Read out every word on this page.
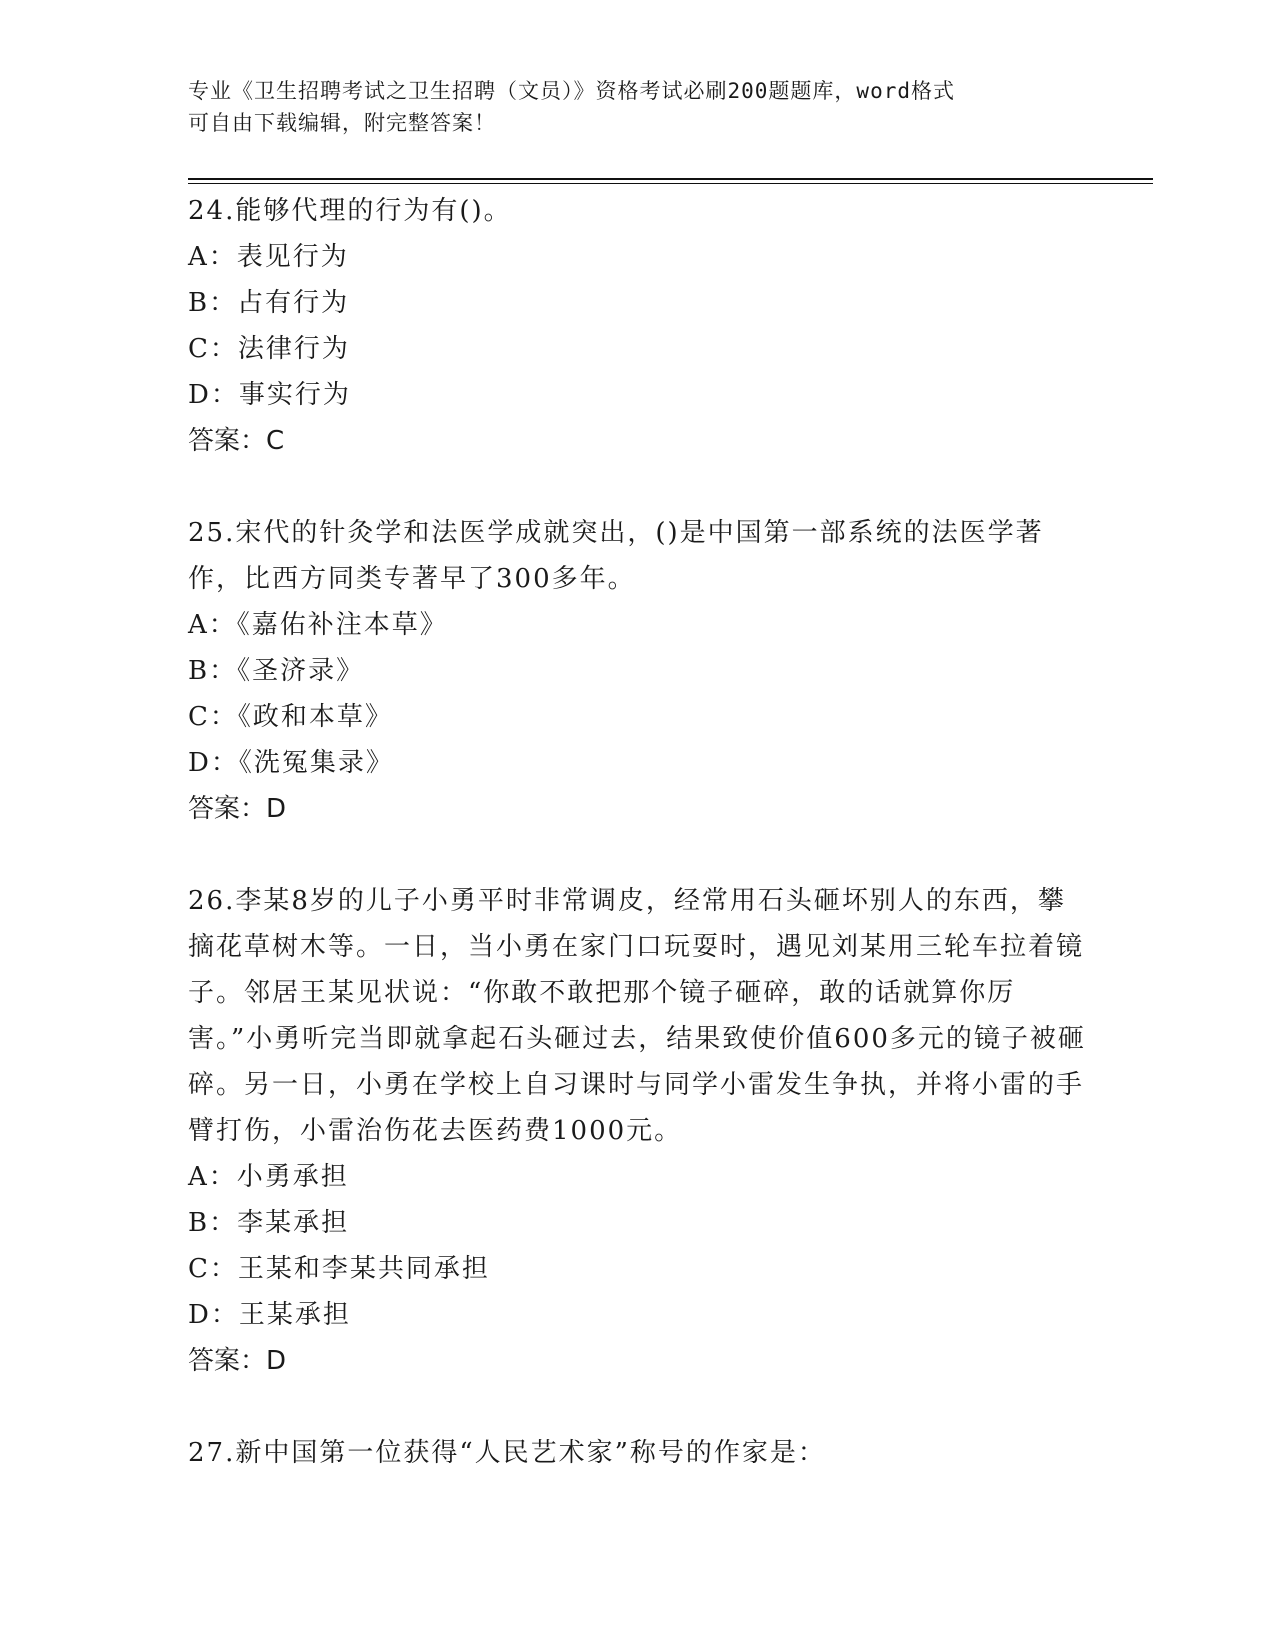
专业《卫生招聘考试之卫生招聘（文员）》资格考试必刷200题题库，word格式
可自由下载编辑，附完整答案！

24.能够代理的行为有()。

A：表见行为
B：占有行为
C：法律行为
D：事实行为
答案：C

25.宋代的针灸学和法医学成就突出，()是中国第一部系统的法医学著作，比西方同类专著早了300多年。

A：《嘉佑补注本草》
B：《圣济录》
C：《政和本草》
D：《洗冤集录》
答案：D

26.李某8岁的儿子小勇平时非常调皮，经常用石头砸坏别人的东西，攀摘花草树木等。一日，当小勇在家门口玩耍时，遇见刘某用三轮车拉着镜子。邻居王某见状说：“你敢不敢把那个镜子砸碎，敢的话就算你厉害。”小勇听完当即就拿起石头砸过去，结果致使价值600多元的镜子被砸碎。另一日，小勇在学校上自习课时与同学小雷发生争执，并将小雷的手臂打伤，小雷治伤花去医药费1000元。

A：小勇承担
B：李某承担
C：王某和李某共同承担
D：王某承担
答案：D

27.新中国第一位获得“人民艺术家”称号的作家是：
